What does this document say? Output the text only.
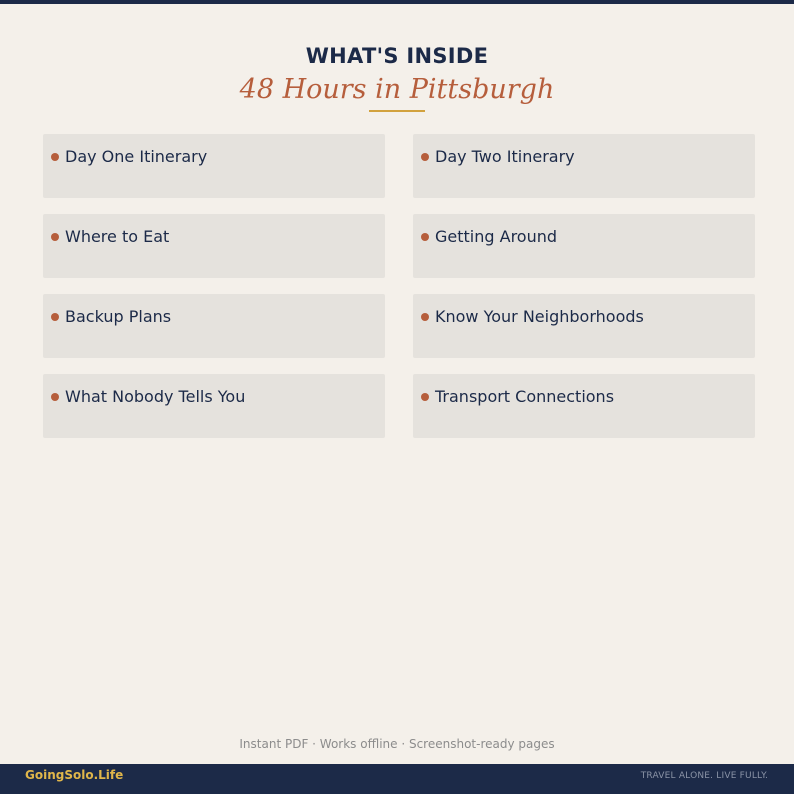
WHAT'S INSIDE
48 Hours in Pittsburgh
Day One Itinerary	Day Two Itinerary
Where to Eat	Getting Around
Backup Plans	Know Your Neighborhoods
What Nobody Tells You	Transport Connections
Instant PDF · Works offline · Screenshot-ready pages
GoingSolo.Life	TRAVEL ALONE. LIVE FULLY.
